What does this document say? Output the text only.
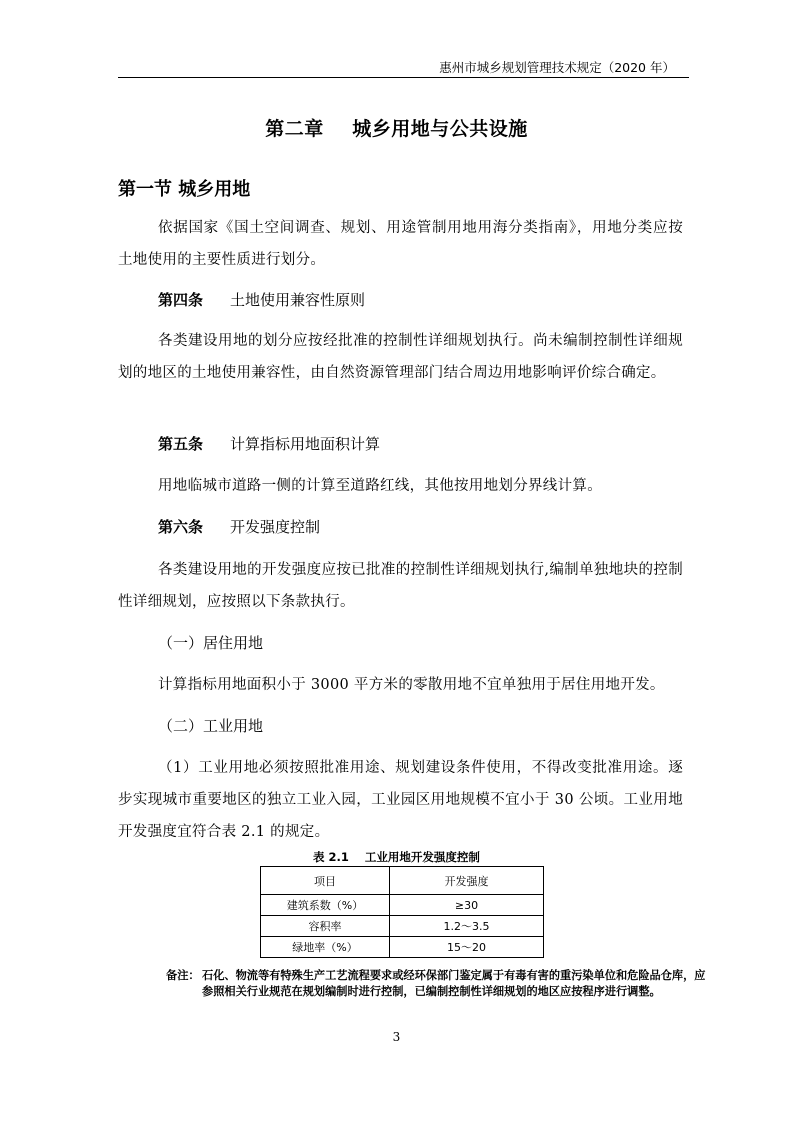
惠州市城乡规划管理技术规定（2020 年）
第二章    城乡用地与公共设施
第一节 城乡用地
依据国家《国土空间调查、规划、用途管制用地用海分类指南》，用地分类应按土地使用的主要性质进行划分。
第四条 土地使用兼容性原则
各类建设用地的划分应按经批准的控制性详细规划执行。尚未编制控制性详细规划的地区的土地使用兼容性，由自然资源管理部门结合周边用地影响评价综合确定。
第五条 计算指标用地面积计算
用地临城市道路一侧的计算至道路红线，其他按用地划分界线计算。
第六条 开发强度控制
各类建设用地的开发强度应按已批准的控制性详细规划执行,编制单独地块的控制性详细规划，应按照以下条款执行。
（一）居住用地
计算指标用地面积小于 3000 平方米的零散用地不宜单独用于居住用地开发。
（二）工业用地
（1）工业用地必须按照批准用途、规划建设条件使用，不得改变批准用途。逐步实现城市重要地区的独立工业入园，工业园区用地规模不宜小于 30 公顷。工业用地开发强度宜符合表 2.1 的规定。
表 2.1    工业用地开发强度控制
项目	开发强度
建筑系数（%）	≥30
容积率	1.2～3.5
绿地率（%）	15～20
备注： 石化、物流等有特殊生产工艺流程要求或经环保部门鉴定属于有毒有害的重污染单位和危险品仓库，应参照相关行业规范在规划编制时进行控制，已编制控制性详细规划的地区应按程序进行调整。
3
